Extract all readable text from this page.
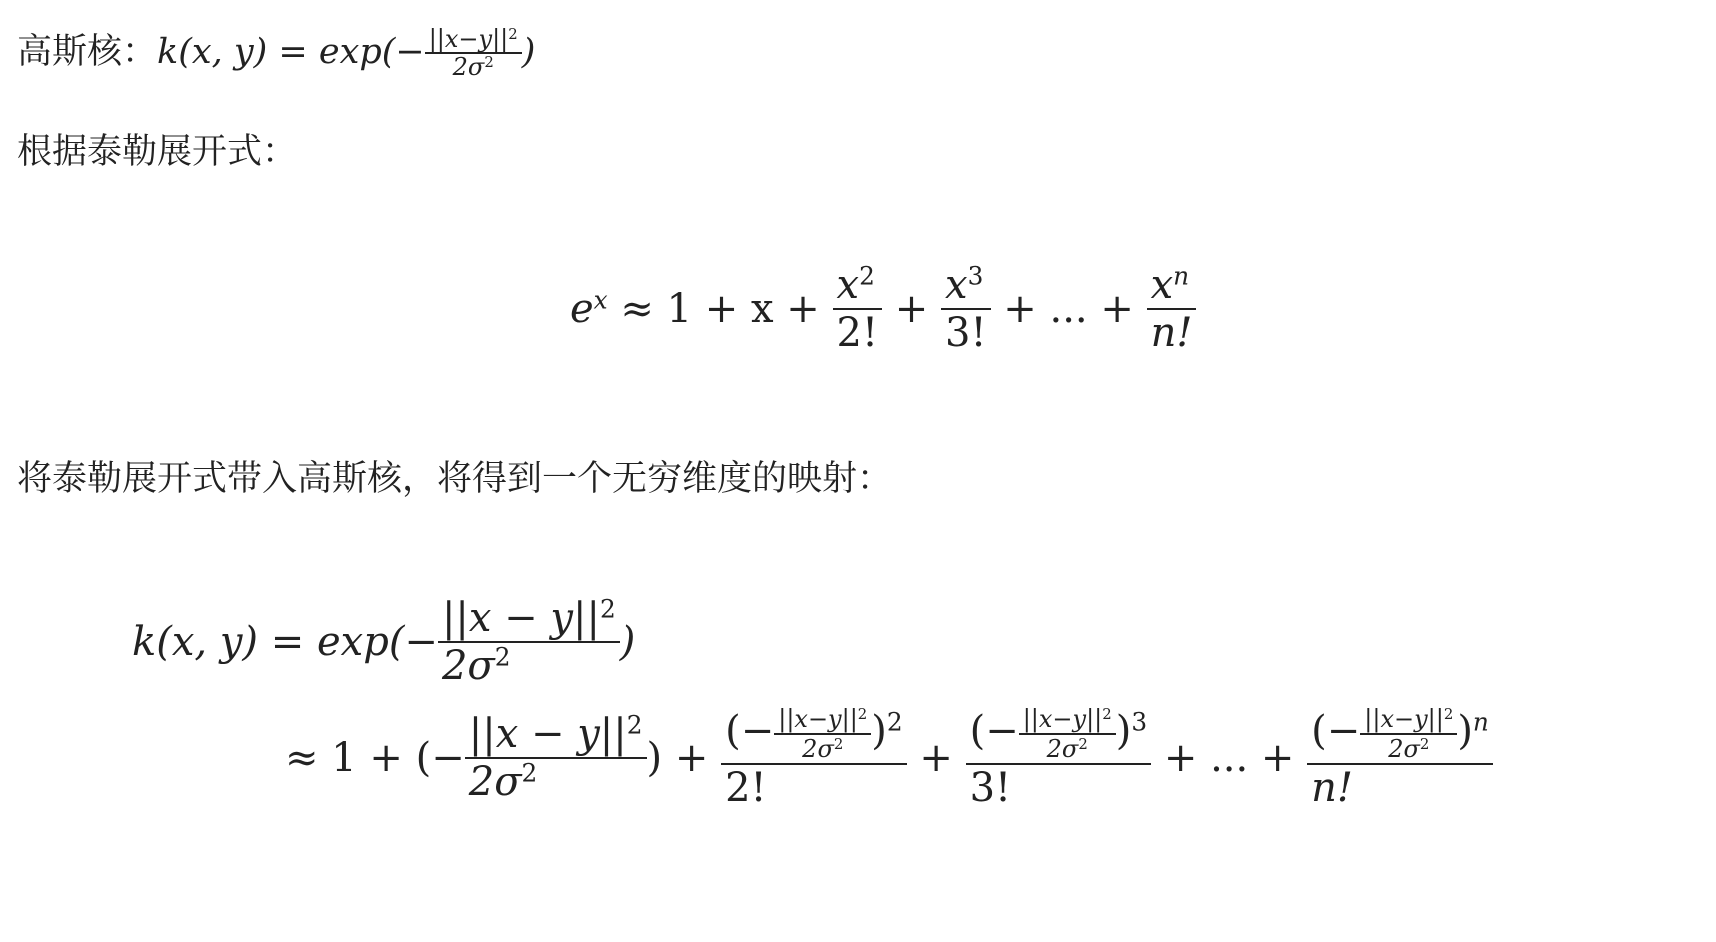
高斯核：k(x, $y) = \exp(- \frac{||x-y||^2}{2\sigma^2}$ )
根据泰勒展开式：
$e^x \approx 1 + x + \frac{x^2}{2!} + \frac{x^3}{3!}$ + ... + $\frac{x^n}{n!}$
将泰勒展开式带入高斯核，将得到一个无穷维度的映射：
k(x, $y) = \exp(- \frac{||x - y||^2}{2\sigma^2}$ )
≈ 1 + (− $\frac{||x - y||^2}{2\sigma^2}$ ) + $\frac{(- \frac{||x-y||^2}{2\sigma^2} )^2}{2!} + \frac{(- \frac{||x-y||^2}{2\sigma^2} )^3}{3!}$ + ... + $\frac{(- \frac{||x-y||^2}{2\sigma^2} )^n}{n!}$
